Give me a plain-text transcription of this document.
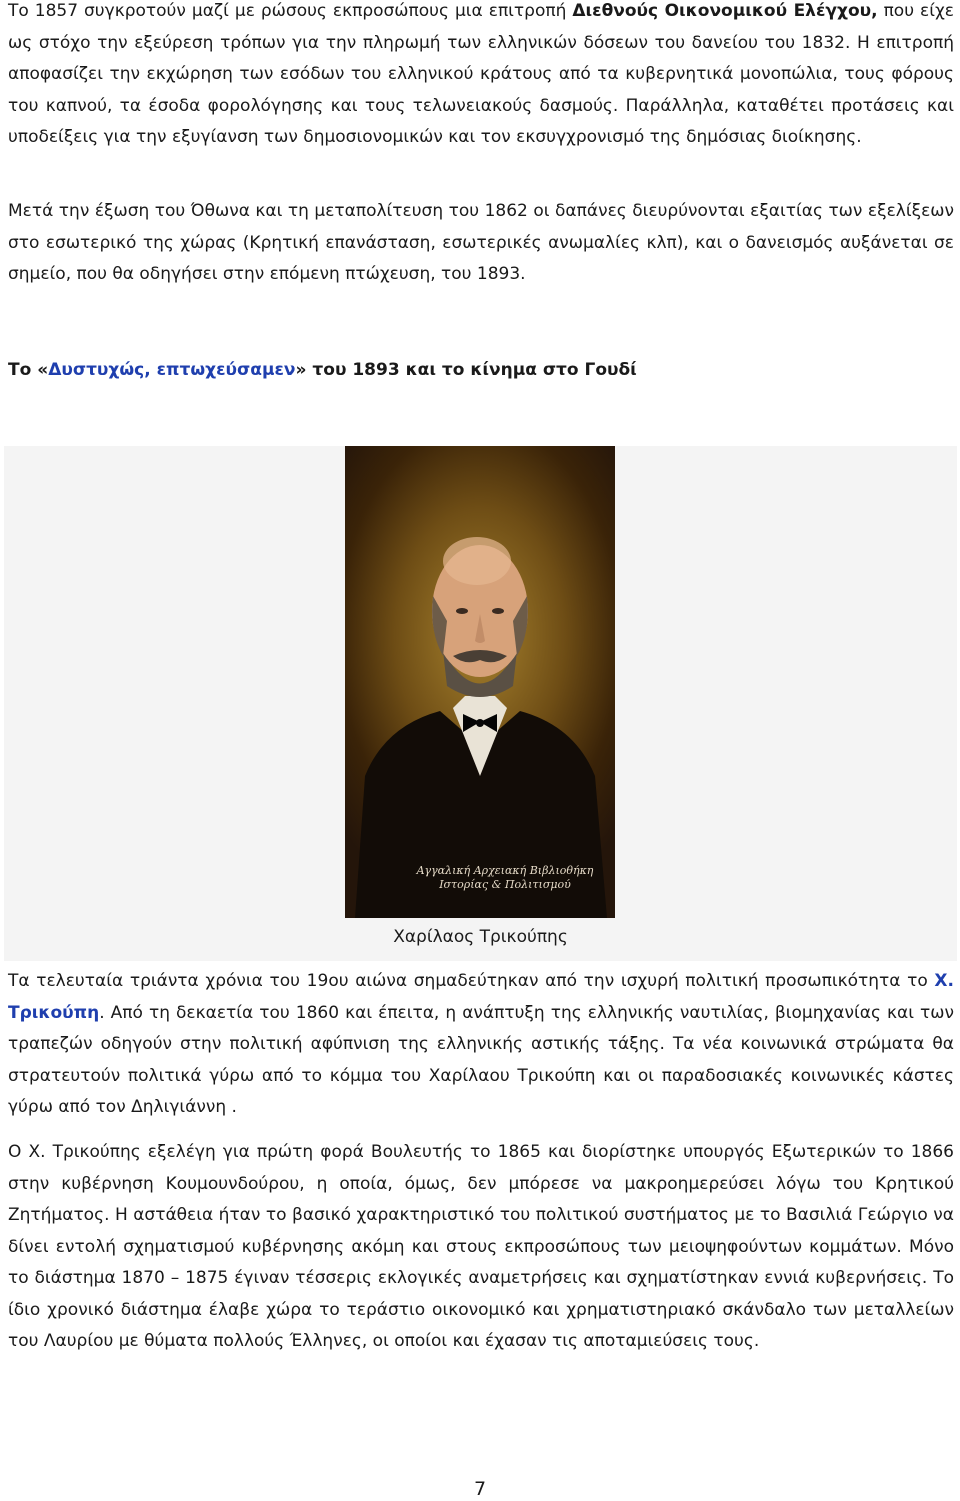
Το 1857 συγκροτούν μαζί με ρώσους εκπροσώπους μια επιτροπή Διεθνούς Οικονομικού Ελέγχου, που είχε ως στόχο την εξεύρεση τρόπων για την πληρωμή των ελληνικών δόσεων του δανείου του 1832. Η επιτροπή αποφασίζει την εκχώρηση των εσόδων του ελληνικού κράτους από τα κυβερνητικά μονοπώλια, τους φόρους του καπνού, τα έσοδα φορολόγησης και τους τελωνειακούς δασμούς. Παράλληλα, καταθέτει προτάσεις και υποδείξεις για την εξυγίανση των δημοσιονομικών και τον εκσυγχρονισμό της δημόσιας διοίκησης.

Μετά την έξωση του Όθωνα και τη μεταπολίτευση του 1862 οι δαπάνες διευρύνονται εξαιτίας των εξελίξεων στο εσωτερικό της χώρας (Κρητική επανάσταση, εσωτερικές ανωμαλίες κλπ), και ο δανεισμός αυξάνεται σε σημείο, που θα οδηγήσει στην επόμενη πτώχευση, του 1893.

Το «Δυστυχώς, επτωχεύσαμεν» του 1893 και το κίνημα στο Γουδί

Τα τελευταία τριάντα χρόνια του 19ου αιώνα σημαδεύτηκαν από την ισχυρή πολιτική προσωπικότητα το Χ. Τρικούπη. Από τη δεκαετία του 1860 και έπειτα, η ανάπτυξη της ελληνικής ναυτιλίας, βιομηχανίας και των τραπεζών οδηγούν στην πολιτική αφύπνιση της ελληνικής αστικής τάξης. Τα νέα κοινωνικά στρώματα θα στρατευτούν πολιτικά γύρω από το κόμμα του Χαρίλαου Τρικούπη και οι παραδοσιακές κοινωνικές κάστες γύρω από τον Δηλιγιάννη .

Ο Χ. Τρικούπης εξελέγη για πρώτη φορά Βουλευτής το 1865 και διορίστηκε υπουργός Εξωτερικών το 1866 στην κυβέρνηση Κουμουνδούρου, η οποία, όμως, δεν μπόρεσε να μακροημερεύσει λόγω του Κρητικού Ζητήματος. Η αστάθεια ήταν το βασικό χαρακτηριστικό του πολιτικού συστήματος με το Βασιλιά Γεώργιο να δίνει εντολή σχηματισμού κυβέρνησης ακόμη και στους εκπροσώπους των μειοψηφούντων κομμάτων. Μόνο το διάστημα 1870 – 1875 έγιναν τέσσερις εκλογικές αναμετρήσεις και σχηματίστηκαν εννιά κυβερνήσεις. Το ίδιο χρονικό διάστημα έλαβε χώρα το τεράστιο οικονομικό και χρηματιστηριακό σκάνδαλο των μεταλλείων του Λαυρίου με θύματα πολλούς Έλληνες, οι οποίοι και έχασαν τις αποταμιεύσεις τους.

Αγγαλική Αρχειακή Βιβλιοθήκη
Ιστορίας & Πολιτισμού
Χαρίλαος Τρικούπης
7
